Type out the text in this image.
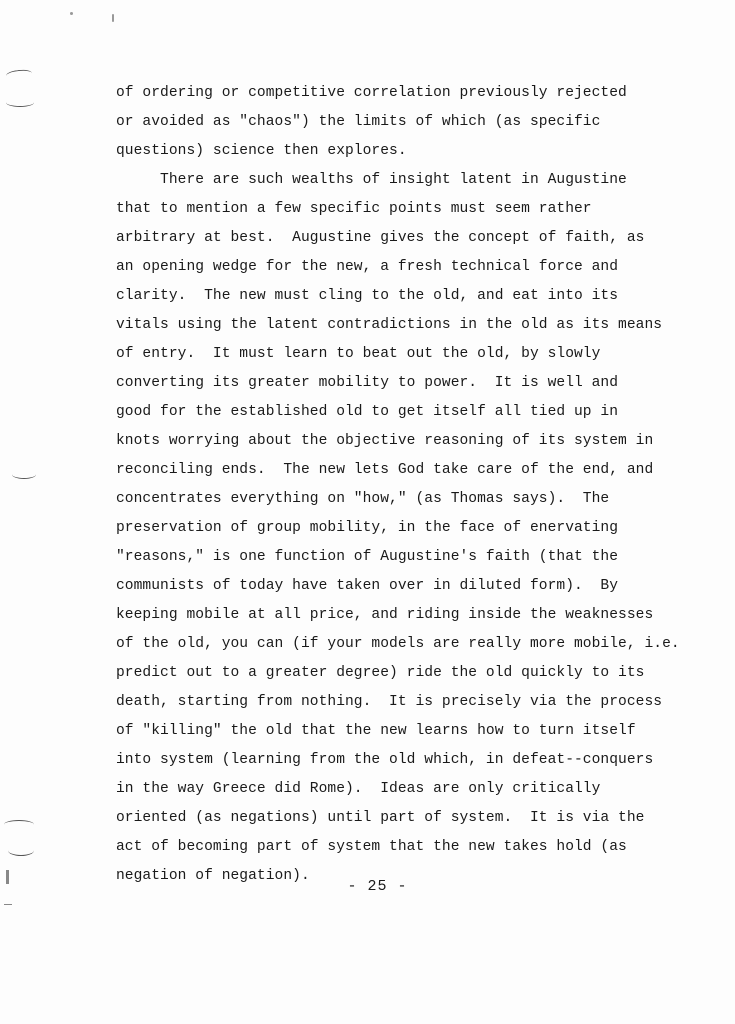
of ordering or competitive correlation previously rejected
or avoided as "chaos") the limits of which (as specific
questions) science then explores.
There are such wealths of insight latent in Augustine
that to mention a few specific points must seem rather
arbitrary at best.  Augustine gives the concept of faith, as
an opening wedge for the new, a fresh technical force and
clarity.  The new must cling to the old, and eat into its
vitals using the latent contradictions in the old as its means
of entry.  It must learn to beat out the old, by slowly
converting its greater mobility to power.  It is well and
good for the established old to get itself all tied up in
knots worrying about the objective reasoning of its system in
reconciling ends.  The new lets God take care of the end, and
concentrates everything on "how," (as Thomas says).  The
preservation of group mobility, in the face of enervating
"reasons," is one function of Augustine's faith (that the
communists of today have taken over in diluted form).  By
keeping mobile at all price, and riding inside the weaknesses
of the old, you can (if your models are really more mobile, i.e.
predict out to a greater degree) ride the old quickly to its
death, starting from nothing.  It is precisely via the process
of "killing" the old that the new learns how to turn itself
into system (learning from the old which, in defeat--conquers
in the way Greece did Rome).  Ideas are only critically
oriented (as negations) until part of system.  It is via the
act of becoming part of system that the new takes hold (as
negation of negation).
- 25 -
